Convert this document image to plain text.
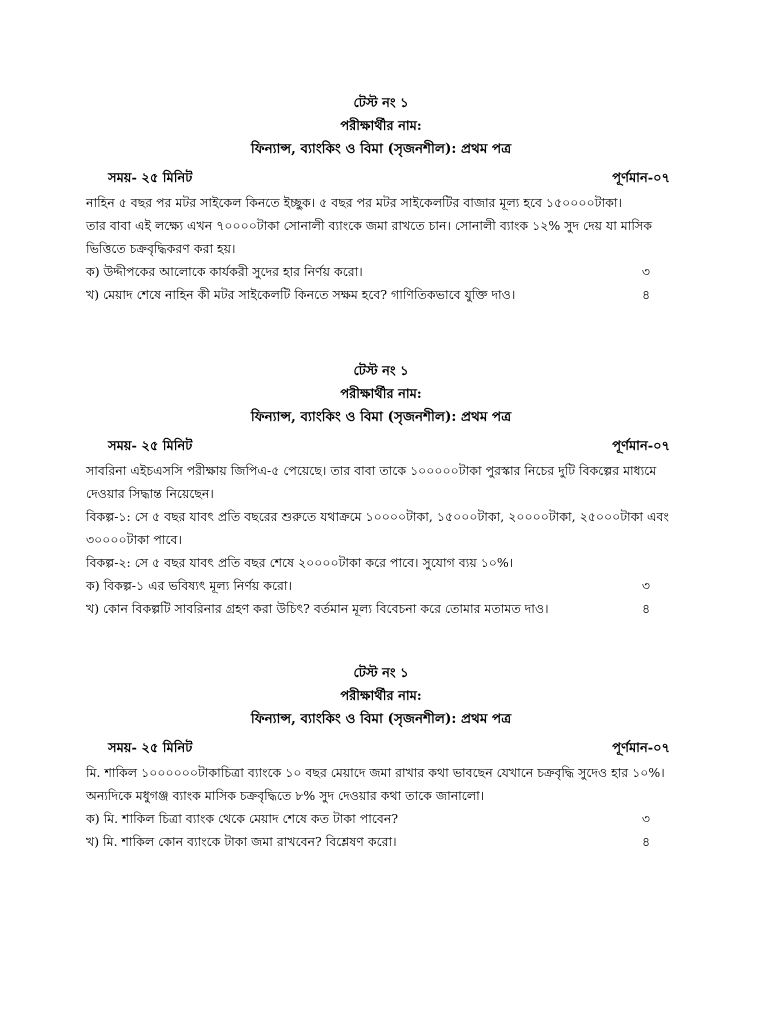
টেস্ট নং ১
পরীক্ষার্থীর নাম:
ফিন্যান্স, ব্যাংকিং ও বিমা (সৃজনশীল): প্রথম পত্র
সময়- ২৫ মিনিট	পূর্ণমান-০৭

নাহিন ৫ বছর পর মটর সাইকেল কিনতে ইচ্ছুক। ৫ বছর পর মটর সাইকেলটির বাজার মূল্য হবে ১৫০০০০টাকা।

তার বাবা এই লক্ষ্যে এখন ৭০০০০টাকা সোনালী ব্যাংকে জমা রাখতে চান। সোনালী ব্যাংক ১২% সুদ দেয় যা মাসিক

ভিত্তিতে চক্রবৃদ্ধিকরণ করা হয়।

ক) উদ্দীপকের আলোকে কার্যকরী সুদের হার নির্ণয় করো।	৩
খ) মেয়াদ শেষে নাহিন কী মটর সাইকেলটি কিনতে সক্ষম হবে? গাণিতিকভাবে যুক্তি দাও।	৪
টেস্ট নং ১
পরীক্ষার্থীর নাম:
ফিন্যান্স, ব্যাংকিং ও বিমা (সৃজনশীল): প্রথম পত্র
সময়- ২৫ মিনিট	পূর্ণমান-০৭

সাবরিনা এইচএসসি পরীক্ষায় জিপিএ-৫ পেয়েছে। তার বাবা তাকে ১০০০০০টাকা পুরস্কার নিচের দুটি বিকল্পের মাধ্যমে

দেওয়ার সিদ্ধান্ত নিয়েছেন।

বিকল্প-১: সে ৫ বছর যাবৎ প্রতি বছরের শুরুতে যথাক্রমে ১০০০০টাকা, ১৫০০০টাকা, ২০০০০টাকা, ২৫০০০টাকা এবং

৩০০০০টাকা পাবে।

বিকল্প-২: সে ৫ বছর যাবৎ প্রতি বছর শেষে ২০০০০টাকা করে পাবে। সুযোগ ব্যয় ১০%।

ক) বিকল্প-১ এর ভবিষ্যৎ মূল্য নির্ণয় করো।	৩
খ) কোন বিকল্পটি সাবরিনার গ্রহণ করা উচিৎ? বর্তমান মূল্য বিবেচনা করে তোমার মতামত দাও।	৪
টেস্ট নং ১
পরীক্ষার্থীর নাম:
ফিন্যান্স, ব্যাংকিং ও বিমা (সৃজনশীল): প্রথম পত্র
সময়- ২৫ মিনিট	পূর্ণমান-০৭

মি. শাকিল ১০০০০০০টাকাচিত্রা ব্যাংকে ১০ বছর মেয়াদে জমা রাখার কথা ভাবছেন যেখানে চক্রবৃদ্ধি সুদেও হার ১০%।

অন্যদিকে মধুগঞ্জ ব্যাংক মাসিক চক্রবৃদ্ধিতে ৮% সুদ দেওয়ার কথা তাকে জানালো।

ক) মি. শাকিল চিত্রা ব্যাংক থেকে মেয়াদ শেষে কত টাকা পাবেন?	৩
খ) মি. শাকিল কোন ব্যাংকে টাকা জমা রাখবেন? বিশ্লেষণ করো।	৪
